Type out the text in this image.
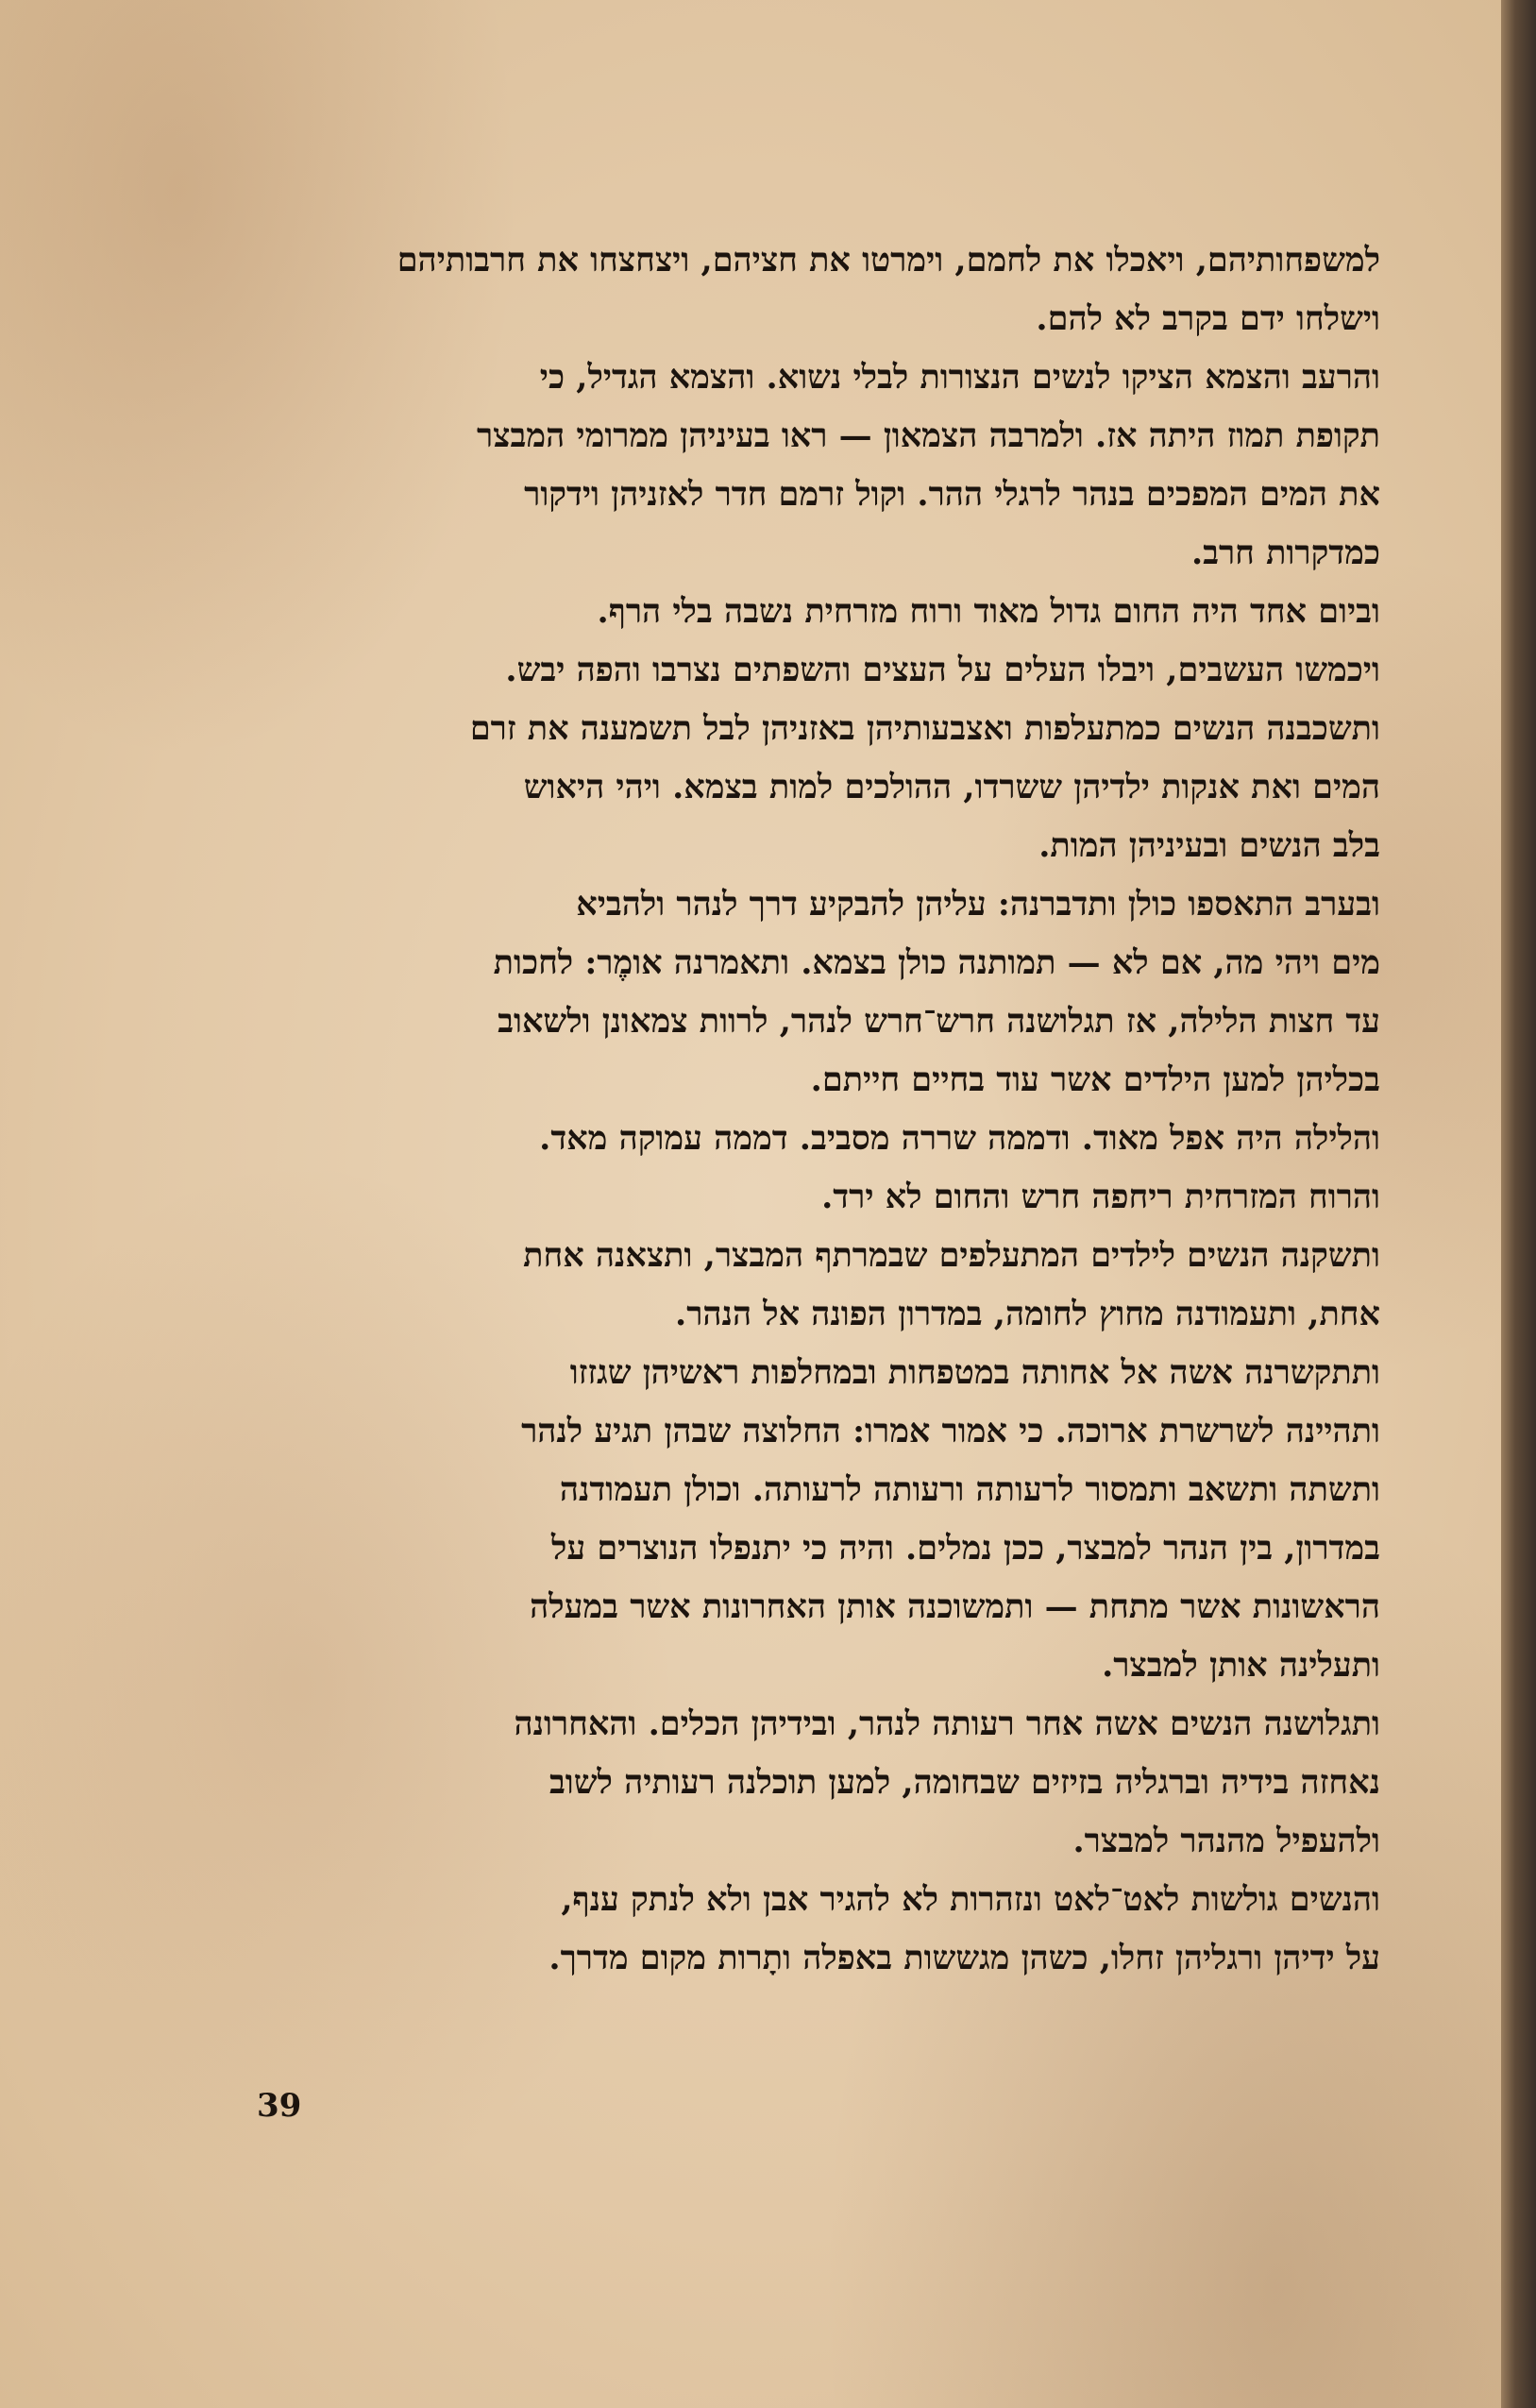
למשפחותיהם, ויאכלו את לחמם, וימרטו את חציהם, ויצחצחו את חרבותיהם
וישלחו ידם בקרב לא להם.

והרעב והצמא הציקו לנשים הנצורות לבלי נשוא. והצמא הגדיל, כי
תקופת תמוז היתה אז. ולמרבה הצמאון — ראו בעיניהן ממרומי המבצר
את המים המפכים בנהר לרגלי ההר. וקול זרמם חדר לאזניהן וידקור
כמדקרות חרב.

וביום אחד היה החום גדול מאוד ורוח מזרחית נשבה בלי הרף.
ויכמשו העשבים, ויבלו העלים על העצים והשפתים נצרבו והפה יבש.
ותשכבנה הנשים כמתעלפות ואצבעותיהן באזניהן לבל תשמענה את זרם
המים ואת אנקות ילדיהן ששרדו, ההולכים למות בצמא. ויהי היאוש
בלב הנשים ובעיניהן המות.

ובערב התאספו כולן ותדברנה: עליהן להבקיע דרך לנהר ולהביא
מים ויהי מה, אם לא — תמותנה כולן בצמא. ותאמרנה אומֶר: לחכות
עד חצות הלילה, אז תגלושנה חרש־חרש לנהר, לרוות צמאונן ולשאוב
בכליהן למען הילדים אשר עוד בחיים חייתם.

והלילה היה אפל מאוד. ודממה שררה מסביב. דממה עמוקה מאד.
והרוח המזרחית ריחפה חרש והחום לא ירד.

ותשקנה הנשים לילדים המתעלפים שבמרתף המבצר, ותצאנה אחת
אחת, ותעמודנה מחוץ לחומה, במדרון הפונה אל הנהר.

ותתקשרנה אשה אל אחותה במטפחות ובמחלפות ראשיהן שגזזו
ותהיינה לשרשרת ארוכה. כי אמור אמרו: החלוצה שבהן תגיע לנהר
ותשתה ותשאב ותמסור לרעותה ורעותה לרעותה. וכולן תעמודנה
במדרון, בין הנהר למבצר, ככן נמלים. והיה כי יתנפלו הנוצרים על
הראשונות אשר מתחת — ותמשוכנה אותן האחרונות אשר במעלה
ותעלינה אותן למבצר.

ותגלושנה הנשים אשה אחר רעותה לנהר, ובידיהן הכלים. והאחרונה
נאחזה בידיה וברגליה בזיזים שבחומה, למען תוכלנה רעותיה לשוב
ולהעפיל מהנהר למבצר.

והנשים גולשות לאט־לאט ונזהרות לא להגיר אבן ולא לנתק ענף,
על ידיהן ורגליהן זחלו, כשהן מגששות באפלה ותָרות מקום מדרך.

39
